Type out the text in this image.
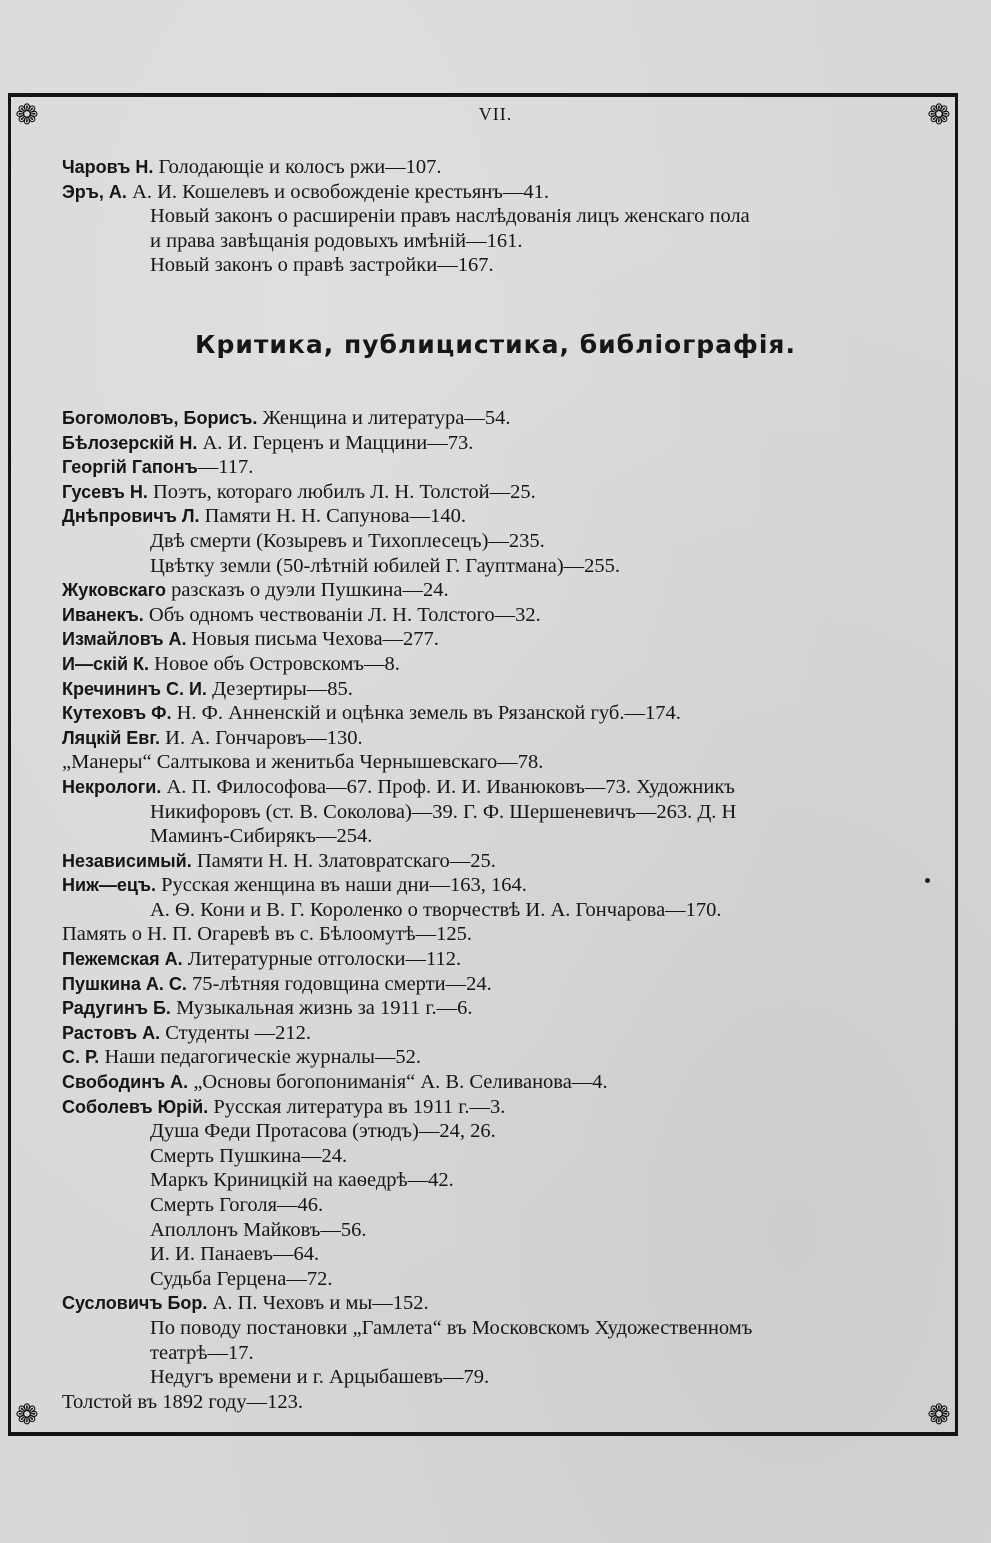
❁	❁
❁	❁
VII.
Чаровъ Н. Голодающіе и колосъ ржи—107.
Эръ, А. А. И. Кошелевъ и освобожденіе крестьянъ—41.
Новый законъ о расширеніи правъ наслѣдованія лицъ женскаго пола
и права завѣщанія родовыхъ имѣній—161.
Новый законъ о правѣ застройки—167.
Критика, публицистика, библіографія.
Богомоловъ, Борисъ. Женщина и литература—54.
Бѣлозерскій Н. А. И. Герценъ и Маццини—73.
Георгій Гапонъ—117.
Гусевъ Н. Поэтъ, котораго любилъ Л. Н. Толстой—25.
Днѣпровичъ Л. Памяти Н. Н. Сапунова—140.
Двѣ смерти (Козыревъ и Тихоплесецъ)—235.
Цвѣтку земли (50-лѣтній юбилей Г. Гауптмана)—255.
Жуковскаго разсказъ о дуэли Пушкина—24.
Иванекъ. Объ одномъ чествованіи Л. Н. Толстого—32.
Измайловъ А. Новыя письма Чехова—277.
И—скій К. Новое объ Островскомъ—8.
Кречининъ С. И. Дезертиры—85.
Кутеховъ Ф. Н. Ф. Анненскій и оцѣнка земель въ Рязанской губ.—174.
Ляцкій Евг. И. А. Гончаровъ—130.
„Манеры“ Салтыкова и женитьба Чернышевскаго—78.
Некрологи. А. П. Философова—67. Проф. И. И. Иванюковъ—73. Художникъ
Никифоровъ (ст. В. Соколова)—39. Г. Ф. Шершеневичъ—263. Д. Н
Маминъ-Сибирякъ—254.
Независимый. Памяти Н. Н. Златовратскаго—25.
Ниж—ецъ. Русская женщина въ наши дни—163, 164.
А. Ѳ. Кони и В. Г. Короленко о творчествѣ И. А. Гончарова—170.
Память о Н. П. Огаревѣ въ с. Бѣлоомутѣ—125.
Пежемская А. Литературные отголоски—112.
Пушкина А. С. 75-лѣтняя годовщина смерти—24.
Радугинъ Б. Музыкальная жизнь за 1911 г.—6.
Растовъ А. Студенты —212.
С. Р. Наши педагогическіе журналы—52.
Свободинъ А. „Основы богопониманія“ А. В. Селиванова—4.
Соболевъ Юрій. Русская литература въ 1911 г.—3.
Душа Феди Протасова (этюдъ)—24, 26.
Смерть Пушкина—24.
Маркъ Криницкій на каѳедрѣ—42.
Смерть Гоголя—46.
Аполлонъ Майковъ—56.
И. И. Панаевъ—64.
Судьба Герцена—72.
Сусловичъ Бор. А. П. Чеховъ и мы—152.
По поводу постановки „Гамлета“ въ Московскомъ Художественномъ
театрѣ—17.
Недугъ времени и г. Арцыбашевъ—79.
Толстой въ 1892 году—123.
